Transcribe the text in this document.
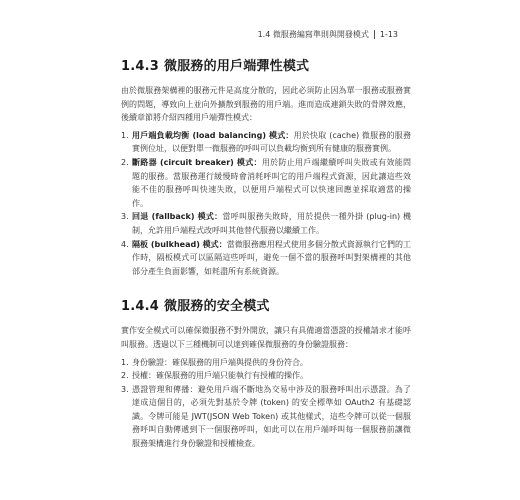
1.4 微服務編寫準則與開發模式 1-13
1.4.3 微服務的用戶端彈性模式

由於微服務架構裡的服務元件是高度分散的，因此必須防止因為單一服務或服務實例的問題，導致向上並向外擴散到服務的用戶端。進而造成連鎖失敗的骨牌效應，後續章節將介紹四種用戶端彈性模式：

1. 用戶端負載均衡 (load balancing) 模式：用於快取 (cache) 微服務的服務實例位址，以便對單一微服務的呼叫可以負載均衡到所有健康的服務實例。
2. 斷路器 (circuit breaker) 模式：用於防止用戶端繼續呼叫失敗或有效能問題的服務。當服務運行緩慢時會消耗呼叫它的用戶端程式資源，因此讓這些效能不佳的服務呼叫快速失敗，以便用戶端程式可以快速回應並採取適當的操作。
3. 回退 (fallback) 模式：當呼叫服務失敗時，用於提供一種外掛 (plug-in) 機制，允許用戶端程式改呼叫其他替代服務以繼續工作。
4. 隔板 (bulkhead) 模式：當微服務應用程式使用多個分散式資源執行它們的工作時，隔板模式可以區隔這些呼叫，避免一個不當的服務呼叫對架構裡的其他部分產生負面影響，如耗盡所有系統資源。
1.4.4 微服務的安全模式

實作安全模式可以確保微服務不對外開放，讓只有具備適當憑證的授權請求才能呼叫服務。透過以下三種機制可以達到確保微服務的身份驗證服務：

1. 身份驗證：確保服務的用戶端與提供的身份符合。
2. 授權：確保服務的用戶端只能執行有授權的操作。
3. 憑證管理和傳播：避免用戶端不斷地為交易中涉及的服務呼叫出示憑證。為了達成這個目的，必須先對基於令牌 (token) 的安全標準如 OAuth2 有基礎認識。令牌可能是 JWT(JSON Web Token) 或其他樣式，這些令牌可以從一個服務呼叫自動傳遞到下一個服務呼叫，如此可以在用戶端呼叫每一個服務前讓微服務架構進行身份驗證和授權檢查。
